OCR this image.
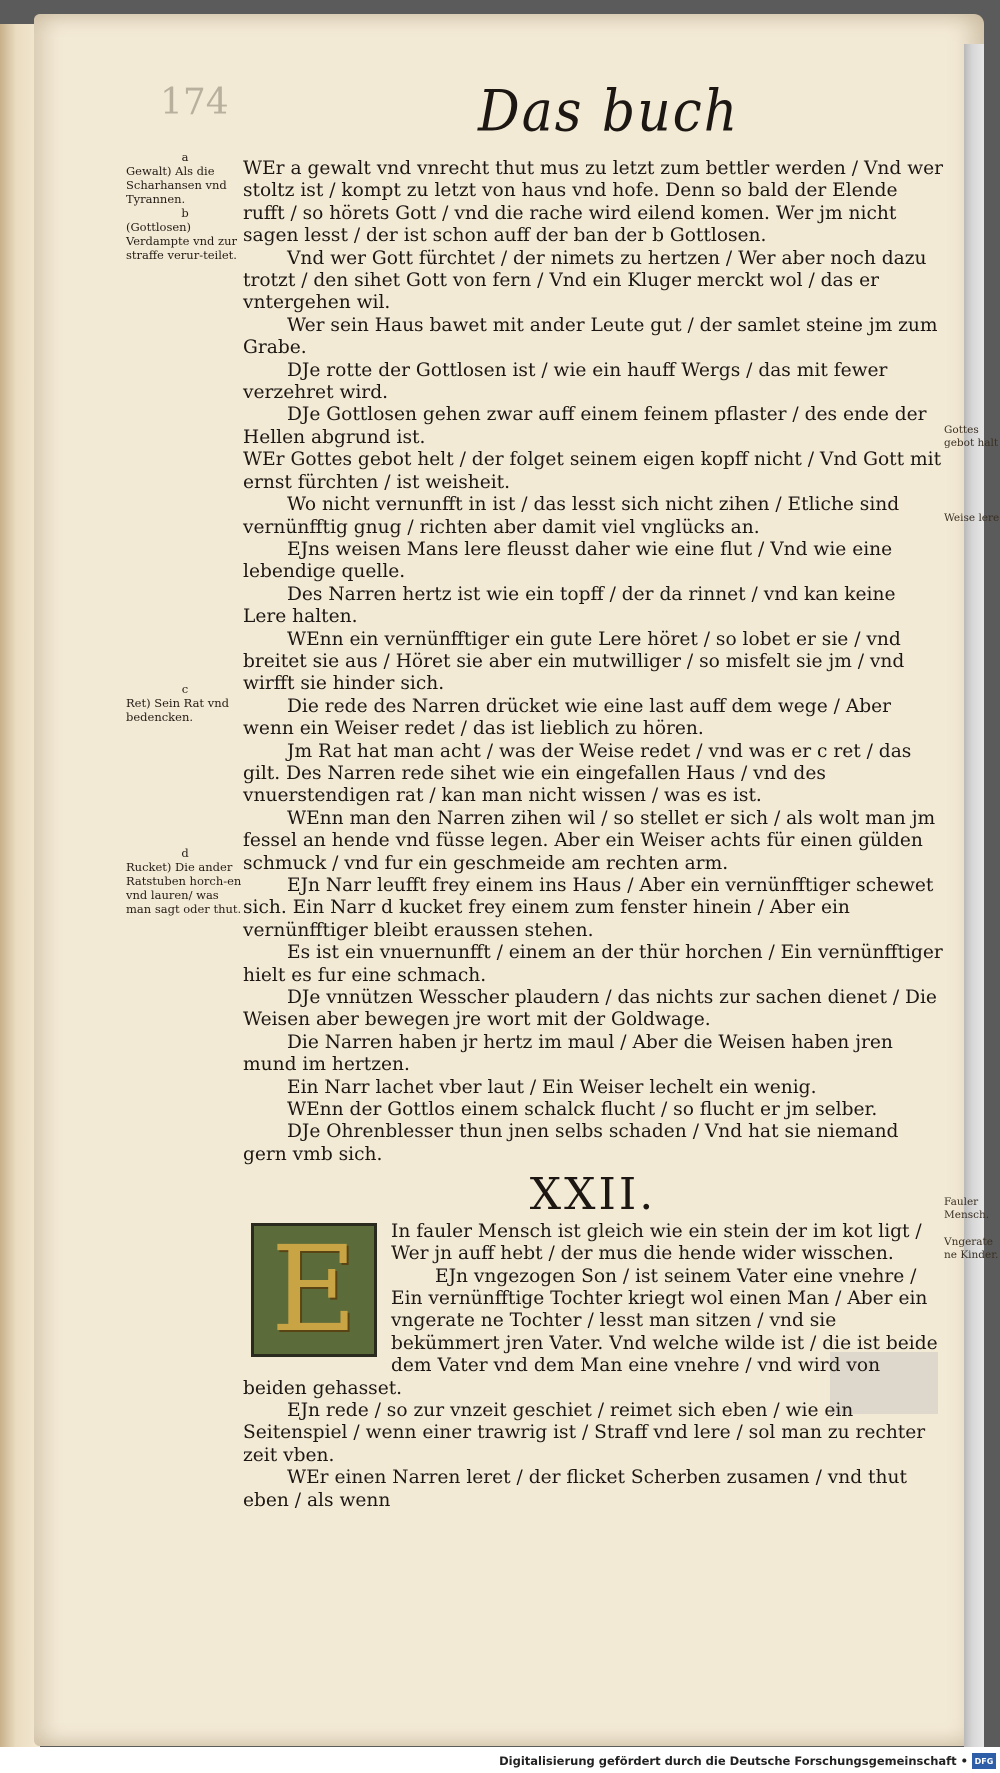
174	Das buch
a
Gewalt) Als die Scharhansen vnd Tyrannen.
b
(Gottlosen) Verdampte vnd zur straffe verur-teilet.
c
Ret) Sein Rat vnd bedencken.
d
Rucket) Die ander Ratstuben horch-en vnd lauren/ was man sagt oder thut.
Gottes gebot halt
Weise lere
Fauler Mensch.
Vngerate ne Kinder.

WEr a gewalt vnd vnrecht thut mus zu letzt zum bettler werden / Vnd wer stoltz ist / kompt zu letzt von haus vnd hofe. Denn so bald der Elende rufft / so hörets Gott / vnd die rache wird eilend komen. Wer jm nicht sagen lesst / der ist schon auff der ban der b Gottlosen.

Vnd wer Gott fürchtet / der nimets zu hertzen / Wer aber noch dazu trotzt / den sihet Gott von fern / Vnd ein Kluger merckt wol / das er vntergehen wil.

Wer sein Haus bawet mit ander Leute gut / der samlet steine jm zum Grabe.

DJe rotte der Gottlosen ist / wie ein hauff Wergs / das mit fewer verzehret wird.

DJe Gottlosen gehen zwar auff einem feinem pflaster / des ende der Hellen abgrund ist.

WEr Gottes gebot helt / der folget seinem eigen kopff nicht / Vnd Gott mit ernst fürchten / ist weisheit.

Wo nicht vernunfft in ist / das lesst sich nicht zihen / Etliche sind vernünfftig gnug / richten aber damit viel vnglücks an.

EJns weisen Mans lere fleusst daher wie eine flut / Vnd wie eine lebendige quelle.

Des Narren hertz ist wie ein topff / der da rinnet / vnd kan keine Lere halten.

WEnn ein vernünfftiger ein gute Lere höret / so lobet er sie / vnd breitet sie aus / Höret sie aber ein mutwilliger / so misfelt sie jm / vnd wirfft sie hinder sich.

Die rede des Narren drücket wie eine last auff dem wege / Aber wenn ein Weiser redet / das ist lieblich zu hören.

Jm Rat hat man acht / was der Weise redet / vnd was er c ret / das gilt. Des Narren rede sihet wie ein eingefallen Haus / vnd des vnuerstendigen rat / kan man nicht wissen / was es ist.

WEnn man den Narren zihen wil / so stellet er sich / als wolt man jm fessel an hende vnd füsse legen. Aber ein Weiser achts für einen gülden schmuck / vnd fur ein geschmeide am rechten arm.

EJn Narr leufft frey einem ins Haus / Aber ein vernünfftiger schewet sich. Ein Narr d kucket frey einem zum fenster hinein / Aber ein vernünfftiger bleibt eraussen stehen.

Es ist ein vnuernunfft / einem an der thür horchen / Ein vernünfftiger hielt es fur eine schmach.

DJe vnnützen Wesscher plaudern / das nichts zur sachen dienet / Die Weisen aber bewegen jre wort mit der Goldwage.

Die Narren haben jr hertz im maul / Aber die Weisen haben jren mund im hertzen.

Ein Narr lachet vber laut / Ein Weiser lechelt ein wenig.

WEnn der Gottlos einem schalck flucht / so flucht er jm selber.

DJe Ohrenblesser thun jnen selbs schaden / Vnd hat sie niemand gern vmb sich.

XXII.
E	In fauler Mensch ist gleich wie ein stein der im kot ligt / Wer jn auff hebt / der mus die hende wider wisschen.

EJn vngezogen Son / ist seinem Vater eine vnehre / Ein vernünfftige Tochter kriegt wol einen Man / Aber ein vngerate ne Tochter / lesst man sitzen / vnd sie bekümmert jren Vater. Vnd welche wilde ist / die ist beide dem Vater vnd dem Man eine vnehre / vnd wird von beiden gehasset.

EJn rede / so zur vnzeit geschiet / reimet sich eben / wie ein Seitenspiel / wenn einer trawrig ist / Straff vnd lere / sol man zu rechter zeit vben.

WEr einen Narren leret / der flicket Scherben zusamen / vnd thut eben / als wenn

Digitalisierung gefördert durch die Deutsche Forschungsgemeinschaft • DFG
